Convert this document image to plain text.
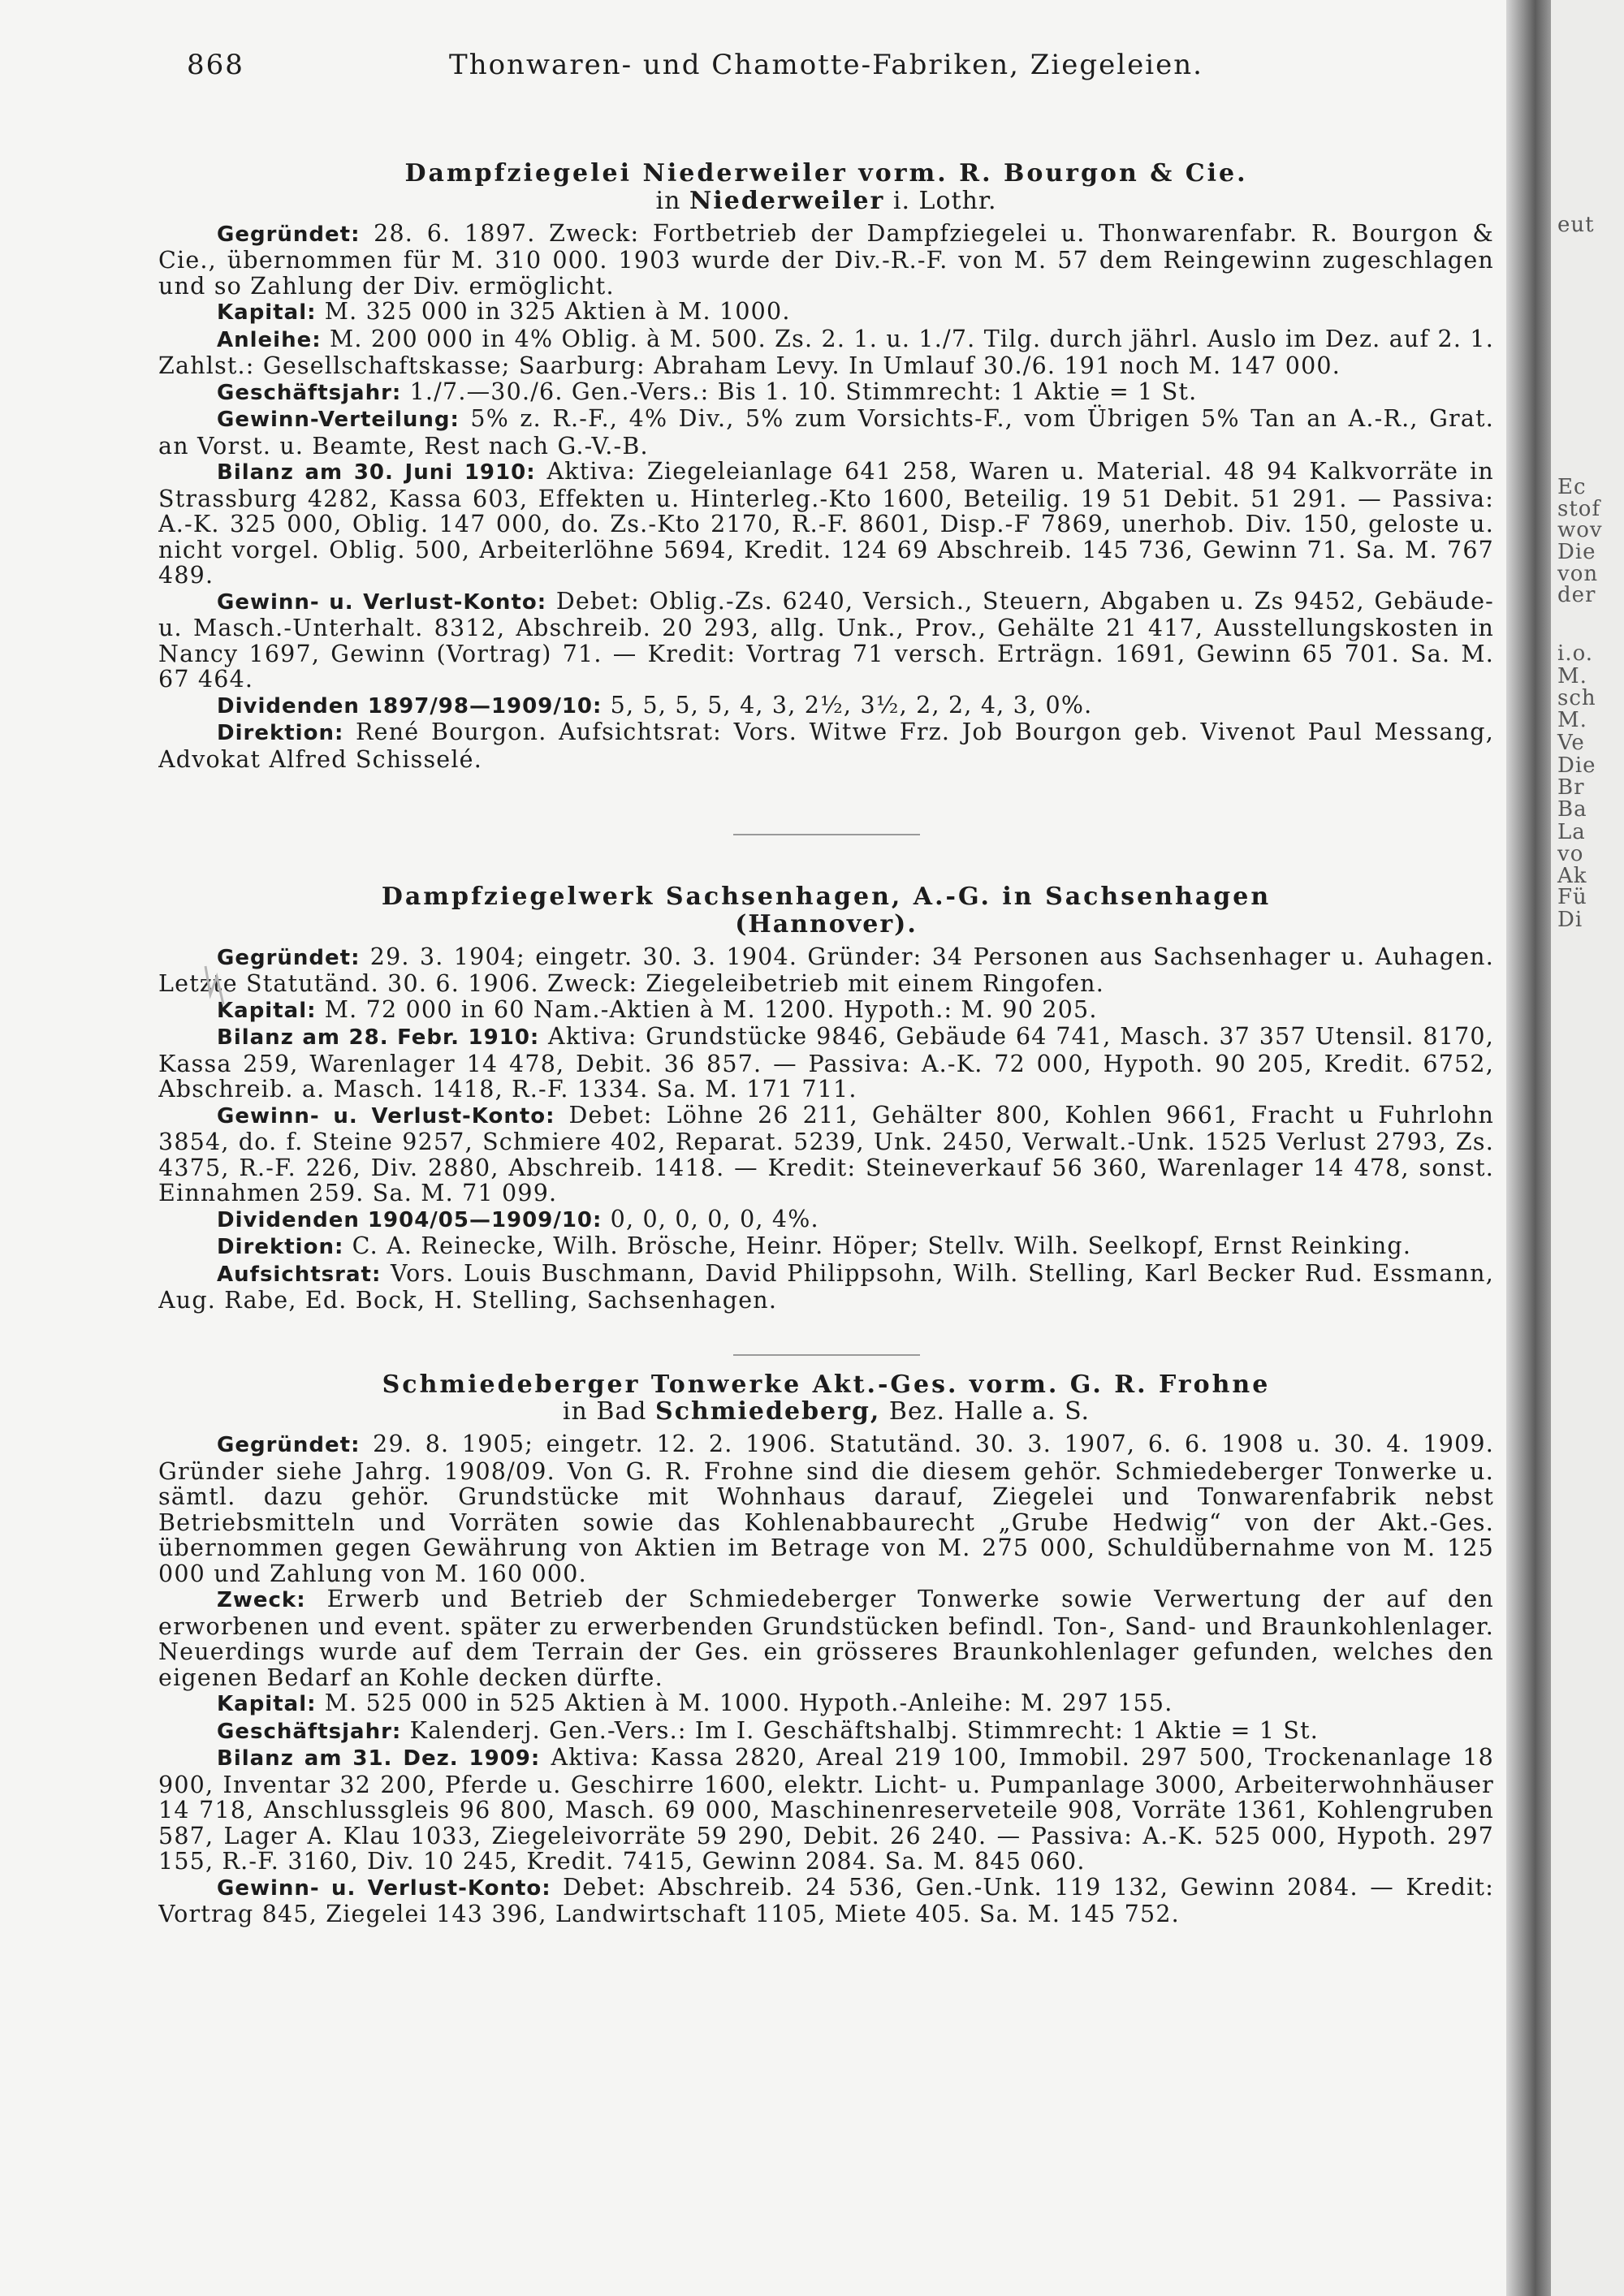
eut
Ec
stof
wov
Die
von
der
i.o.
M.
sch
M.
Ve
Die
Br
Ba
La
vo
Ak
Fü
Di
868	Thonwaren- und Chamotte-Fabriken, Ziegeleien.
Dampfziegelei Niederweiler vorm. R. Bourgon & Cie.
in Niederweiler i. Lothr.

Gegründet: 28. 6. 1897. Zweck: Fortbetrieb der Dampfziegelei u. Thonwarenfabr. R. Bourgon & Cie., übernommen für M. 310 000. 1903 wurde der Div.-R.-F. von M. 57 dem Reingewinn zugeschlagen und so Zahlung der Div. ermöglicht.

Kapital: M. 325 000 in 325 Aktien à M. 1000.

Anleihe: M. 200 000 in 4% Oblig. à M. 500. Zs. 2. 1. u. 1./7. Tilg. durch jährl. Auslo im Dez. auf 2. 1. Zahlst.: Gesellschaftskasse; Saarburg: Abraham Levy. In Umlauf 30./6. 191 noch M. 147 000.

Geschäftsjahr: 1./7.—30./6. Gen.-Vers.: Bis 1. 10. Stimmrecht: 1 Aktie = 1 St.

Gewinn-Verteilung: 5% z. R.-F., 4% Div., 5% zum Vorsichts-F., vom Übrigen 5% Tan an A.-R., Grat. an Vorst. u. Beamte, Rest nach G.-V.-B.

Bilanz am 30. Juni 1910: Aktiva: Ziegeleianlage 641 258, Waren u. Material. 48 94 Kalkvorräte in Strassburg 4282, Kassa 603, Effekten u. Hinterleg.-Kto 1600, Beteilig. 19 51 Debit. 51 291. — Passiva: A.-K. 325 000, Oblig. 147 000, do. Zs.-Kto 2170, R.-F. 8601, Disp.-F 7869, unerhob. Div. 150, geloste u. nicht vorgel. Oblig. 500, Arbeiterlöhne 5694, Kredit. 124 69 Abschreib. 145 736, Gewinn 71. Sa. M. 767 489.

Gewinn- u. Verlust-Konto: Debet: Oblig.-Zs. 6240, Versich., Steuern, Abgaben u. Zs 9452, Gebäude- u. Masch.-Unterhalt. 8312, Abschreib. 20 293, allg. Unk., Prov., Gehälte 21 417, Ausstellungskosten in Nancy 1697, Gewinn (Vortrag) 71. — Kredit: Vortrag 71 versch. Erträgn. 1691, Gewinn 65 701. Sa. M. 67 464.

Dividenden 1897/98—1909/10: 5, 5, 5, 5, 4, 3, 2½, 3½, 2, 2, 4, 3, 0%.

Direktion: René Bourgon. Aufsichtsrat: Vors. Witwe Frz. Job Bourgon geb. Vivenot Paul Messang, Advokat Alfred Schisselé.

Dampfziegelwerk Sachsenhagen, A.-G. in Sachsenhagen
(Hannover).

Gegründet: 29. 3. 1904; eingetr. 30. 3. 1904. Gründer: 34 Personen aus Sachsenhager u. Auhagen. Letzte Statutänd. 30. 6. 1906. Zweck: Ziegeleibetrieb mit einem Ringofen.

Kapital: M. 72 000 in 60 Nam.-Aktien à M. 1200. Hypoth.: M. 90 205.

Bilanz am 28. Febr. 1910: Aktiva: Grundstücke 9846, Gebäude 64 741, Masch. 37 357 Utensil. 8170, Kassa 259, Warenlager 14 478, Debit. 36 857. — Passiva: A.-K. 72 000, Hypoth. 90 205, Kredit. 6752, Abschreib. a. Masch. 1418, R.-F. 1334. Sa. M. 171 711.

Gewinn- u. Verlust-Konto: Debet: Löhne 26 211, Gehälter 800, Kohlen 9661, Fracht u Fuhrlohn 3854, do. f. Steine 9257, Schmiere 402, Reparat. 5239, Unk. 2450, Verwalt.-Unk. 1525 Verlust 2793, Zs. 4375, R.-F. 226, Div. 2880, Abschreib. 1418. — Kredit: Steineverkauf 56 360, Warenlager 14 478, sonst. Einnahmen 259. Sa. M. 71 099.

Dividenden 1904/05—1909/10: 0, 0, 0, 0, 0, 4%.

Direktion: C. A. Reinecke, Wilh. Brösche, Heinr. Höper; Stellv. Wilh. Seelkopf, Ernst Reinking.

Aufsichtsrat: Vors. Louis Buschmann, David Philippsohn, Wilh. Stelling, Karl Becker Rud. Essmann, Aug. Rabe, Ed. Bock, H. Stelling, Sachsenhagen.

Schmiedeberger Tonwerke Akt.-Ges. vorm. G. R. Frohne
in Bad Schmiedeberg, Bez. Halle a. S.

Gegründet: 29. 8. 1905; eingetr. 12. 2. 1906. Statutänd. 30. 3. 1907, 6. 6. 1908 u. 30. 4. 1909. Gründer siehe Jahrg. 1908/09. Von G. R. Frohne sind die diesem gehör. Schmiedeberger Tonwerke u. sämtl. dazu gehör. Grundstücke mit Wohnhaus darauf, Ziegelei und Tonwarenfabrik nebst Betriebsmitteln und Vorräten sowie das Kohlenabbaurecht „Grube Hedwig“ von der Akt.-Ges. übernommen gegen Gewährung von Aktien im Betrage von M. 275 000, Schuldübernahme von M. 125 000 und Zahlung von M. 160 000.

Zweck: Erwerb und Betrieb der Schmiedeberger Tonwerke sowie Verwertung der auf den erworbenen und event. später zu erwerbenden Grundstücken befindl. Ton-, Sand- und Braunkohlenlager. Neuerdings wurde auf dem Terrain der Ges. ein grösseres Braunkohlenlager gefunden, welches den eigenen Bedarf an Kohle decken dürfte.

Kapital: M. 525 000 in 525 Aktien à M. 1000. Hypoth.-Anleihe: M. 297 155.

Geschäftsjahr: Kalenderj. Gen.-Vers.: Im I. Geschäftshalbj. Stimmrecht: 1 Aktie = 1 St.

Bilanz am 31. Dez. 1909: Aktiva: Kassa 2820, Areal 219 100, Immobil. 297 500, Trockenanlage 18 900, Inventar 32 200, Pferde u. Geschirre 1600, elektr. Licht- u. Pumpanlage 3000, Arbeiterwohnhäuser 14 718, Anschlussgleis 96 800, Masch. 69 000, Maschinenreserveteile 908, Vorräte 1361, Kohlengruben 587, Lager A. Klau 1033, Ziegeleivorräte 59 290, Debit. 26 240. — Passiva: A.-K. 525 000, Hypoth. 297 155, R.-F. 3160, Div. 10 245, Kredit. 7415, Gewinn 2084. Sa. M. 845 060.

Gewinn- u. Verlust-Konto: Debet: Abschreib. 24 536, Gen.-Unk. 119 132, Gewinn 2084. — Kredit: Vortrag 845, Ziegelei 143 396, Landwirtschaft 1105, Miete 405. Sa. M. 145 752.
